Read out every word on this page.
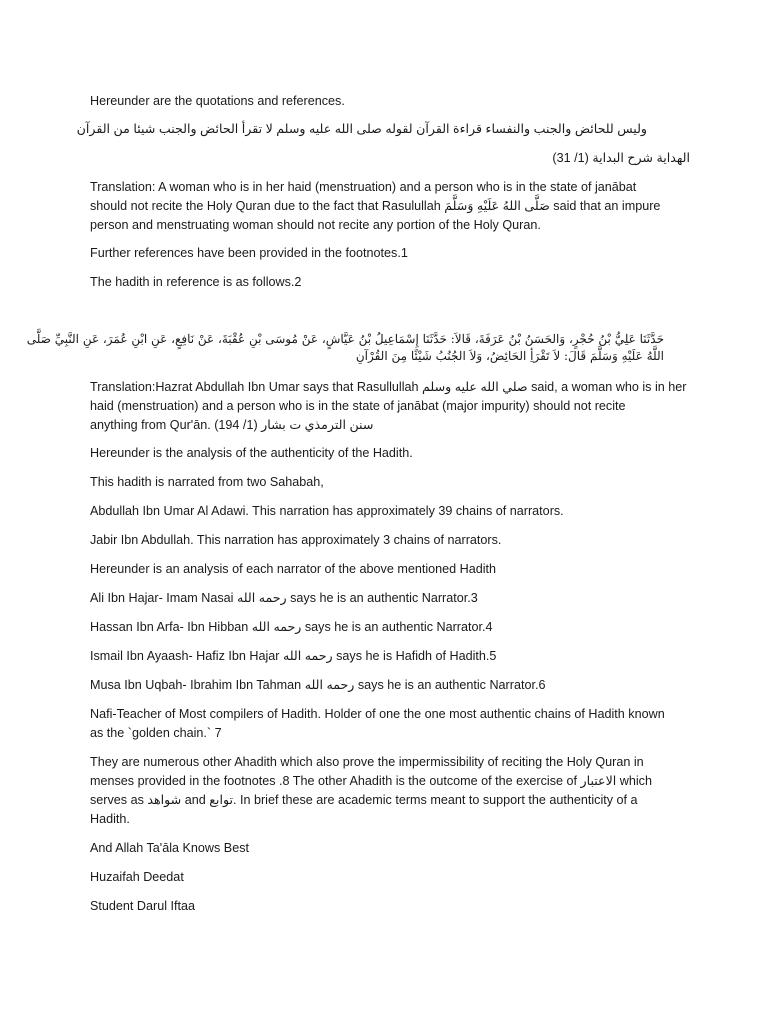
Hereunder are the quotations and references.
وليس للحائض والجنب والنفساء قراءة القرآن لقوله صلى الله عليه وسلم لا تقرأ الحائض والجنب شيئا من القرآن
الهداية شرح البداية (1/ 31)
Translation: A woman who is in her haid (menstruation) and a person who is in the state of janābat
should not recite the Holy Quran due to the fact that Rasulullah صَلَّى اللهُ عَلَيْهِ وَسَلَّمَ said that an impure
person and menstruating woman should not recite any portion of the Holy Quran.
Further references have been provided in the footnotes.1
The hadith in reference is as follows.2
حَدَّثَنَا عَلِيُّ بْنُ حُجْرٍ، وَالحَسَنُ بْنُ عَرَفَةَ، قَالاَ: حَدَّثَنَا إِسْمَاعِيلُ بْنُ عَيَّاشٍ، عَنْ مُوسَى بْنِ عُقْبَةَ، عَنْ نَافِعٍ، عَنِ ابْنِ عُمَرَ، عَنِ النَّبِيِّ صَلَّى
اللَّهُ عَلَيْهِ وَسَلَّمَ قَالَ: لاَ تَقْرَأِ الحَائِضُ، وَلاَ الجُنُبُ شَيْئًا مِنَ القُرْآنِ
Translation:Hazrat Abdullah Ibn Umar says that Rasullullah صلي الله عليه وسلم said, a woman who is in her
haid (menstruation) and a person who is in the state of janābat (major impurity) should not recite
anything from Qur'ān.	سنن الترمذي ت بشار (1/ 194)
Hereunder is the analysis of the authenticity of the Hadith.
This hadith is narrated from two Sahabah,
Abdullah Ibn Umar Al Adawi. This narration has approximately 39 chains of narrators.
Jabir Ibn Abdullah. This narration has approximately 3 chains of narrators.
Hereunder is an analysis of each narrator of the above mentioned Hadith
Ali Ibn Hajar- Imam Nasai رحمه الله says he is an authentic Narrator.3
Hassan Ibn Arfa- Ibn Hibban رحمه الله says he is an authentic Narrator.4
Ismail Ibn Ayaash- Hafiz Ibn Hajar رحمه الله says he is Hafidh of Hadith.5
Musa Ibn Uqbah- Ibrahim Ibn Tahman رحمه الله says he is an authentic Narrator.6
Nafi-Teacher of Most compilers of Hadith. Holder of one the one most authentic chains of Hadith known
as the `golden chain.` 7
They are numerous other Ahadith which also prove the impermissibility of reciting the Holy Quran in
menses provided in the footnotes .8 The other Ahadith is the outcome of the exercise of الاعتبار which
serves as شواهد and توابع. In brief these are academic terms meant to support the authenticity of a
Hadith.
And Allah Ta'āla Knows Best
Huzaifah Deedat
Student Darul Iftaa
